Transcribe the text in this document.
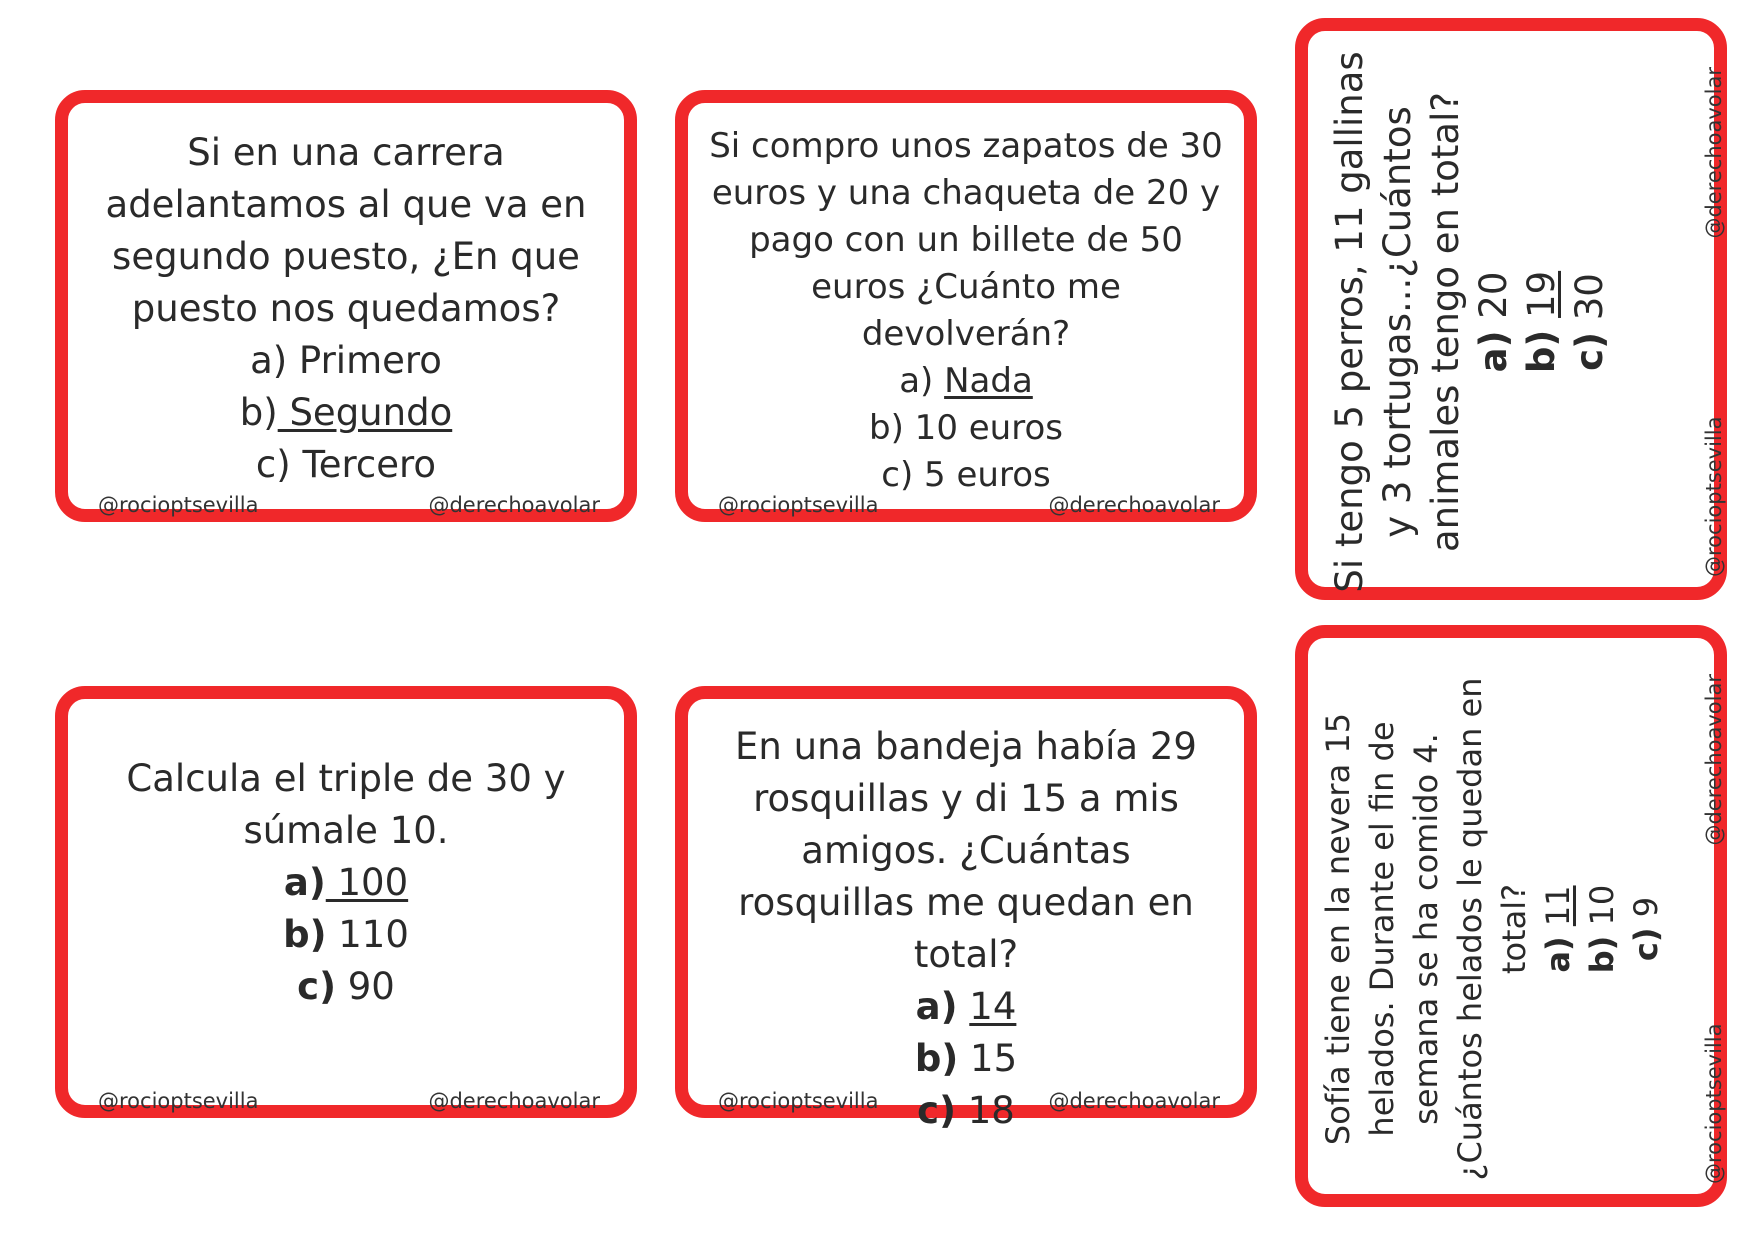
Si en una carrera adelantamos al que va en segundo puesto, ¿En que puesto nos quedamos?
a) Primero
b) Segundo
c) Tercero
@rocioptsevilla	@derechoavolar
Si compro unos zapatos de 30 euros y una chaqueta de 20 y pago con un billete de 50 euros ¿Cuánto me devolverán?
a) Nada
b) 10 euros
c) 5 euros
@rocioptsevilla	@derechoavolar	Si tengo 5 perros, 11 gallinas y 3 tortugas...¿Cuántos animales tengo en total? a) 20
b) 19
c) 30
@rocioptsevilla
@derechoavolar
Calcula el triple de 30 y súmale 10.
a) 100
b) 110
c) 90
@rocioptsevilla	@derechoavolar
En una bandeja había 29 rosquillas y di 15 a mis amigos. ¿Cuántas rosquillas me quedan en total?
a) 14
b) 15
c) 18
@rocioptsevilla	@derechoavolar	Sofía tiene en la nevera 15 helados. Durante el fin de semana se ha comido 4. ¿Cuántos helados le quedan en total? a) 11
b) 10
c) 9
@rocioptsevilla
@derechoavolar
